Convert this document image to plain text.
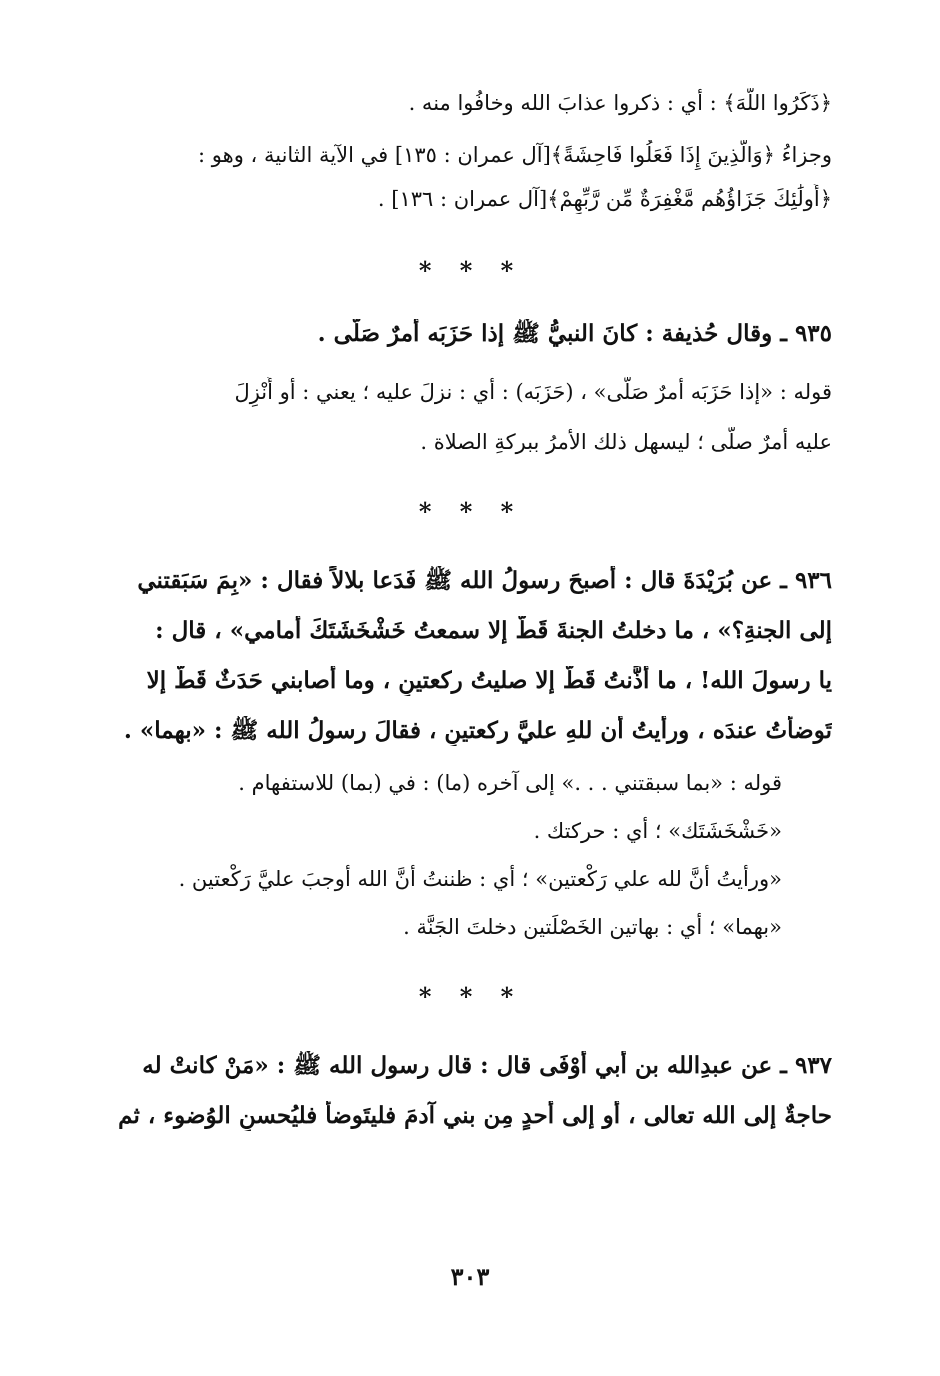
﴿ذَكَرُوا اللَّهَ﴾ : أي : ذكروا عذابَ الله وخافُوا منه .

وجزاءُ ﴿وَالَّذِينَ إِذَا فَعَلُوا فَاحِشَةً﴾[آل عمران : ١٣٥] في الآية الثانية ، وهو :

﴿أُولَٰئِكَ جَزَاؤُهُم مَّغْفِرَةٌ مِّن رَّبِّهِمْ﴾[آل عمران : ١٣٦] .

* * *

٩٣٥ ـ وقال حُذيفة : كانَ النبيُّ ﷺ إذا حَزَبَه أمرٌ صَلَّى .

قوله : «إذا حَزَبَه أمرٌ صَلَّى» ، (حَزَبَه) : أي : نزلَ عليه ؛ يعني : أو أُنْزِلَ

عليه أمرٌ صلَّى ؛ ليسهل ذلك الأمرُ ببركةِ الصلاة .

* * *

٩٣٦ ـ عن بُرَيْدَةَ قال : أصبحَ رسولُ الله ﷺ فَدَعا بلالاً فقال : «بِمَ سَبَقتني

إلى الجنةِ؟» ، ما دخلتُ الجنةَ قَطُّ إلا سمعتُ خَشْخَشَتَكَ أَمامي» ، قال :

يا رسولَ الله! ، ما أَذَّنتُ قَطُّ إلا صليتُ ركعتينِ ، وما أَصابني حَدَثٌ قَطُّ إلا

تَوضأتُ عندَه ، ورأيتُ أن للهِ عليَّ ركعتينِ ، فقالَ رسولُ الله ﷺ : «بهما» .

قوله : «بما سبقتني . . .» إلى آخره (ما) : في (بما) للاستفهام .

«خَشْخَشَتَك» ؛ أي : حركتك .

«ورأيتُ أنَّ لله علي رَكْعتين» ؛ أي : ظننتُ أنَّ الله أوجبَ عليَّ رَكْعتين .

«بهما» ؛ أي : بهاتين الخَصْلَتين دخلتَ الجَنَّة .

* * *

٩٣٧ ـ عن عبدِالله بن أبي أَوْفَى قال : قال رسول الله ﷺ : «مَنْ كانتْ له

حاجةٌ إلى الله تعالى ، أو إلى أحدٍ مِن بني آدمَ فليتَوضأ فليُحسنِ الوُضوء ، ثم

٣٠٣
